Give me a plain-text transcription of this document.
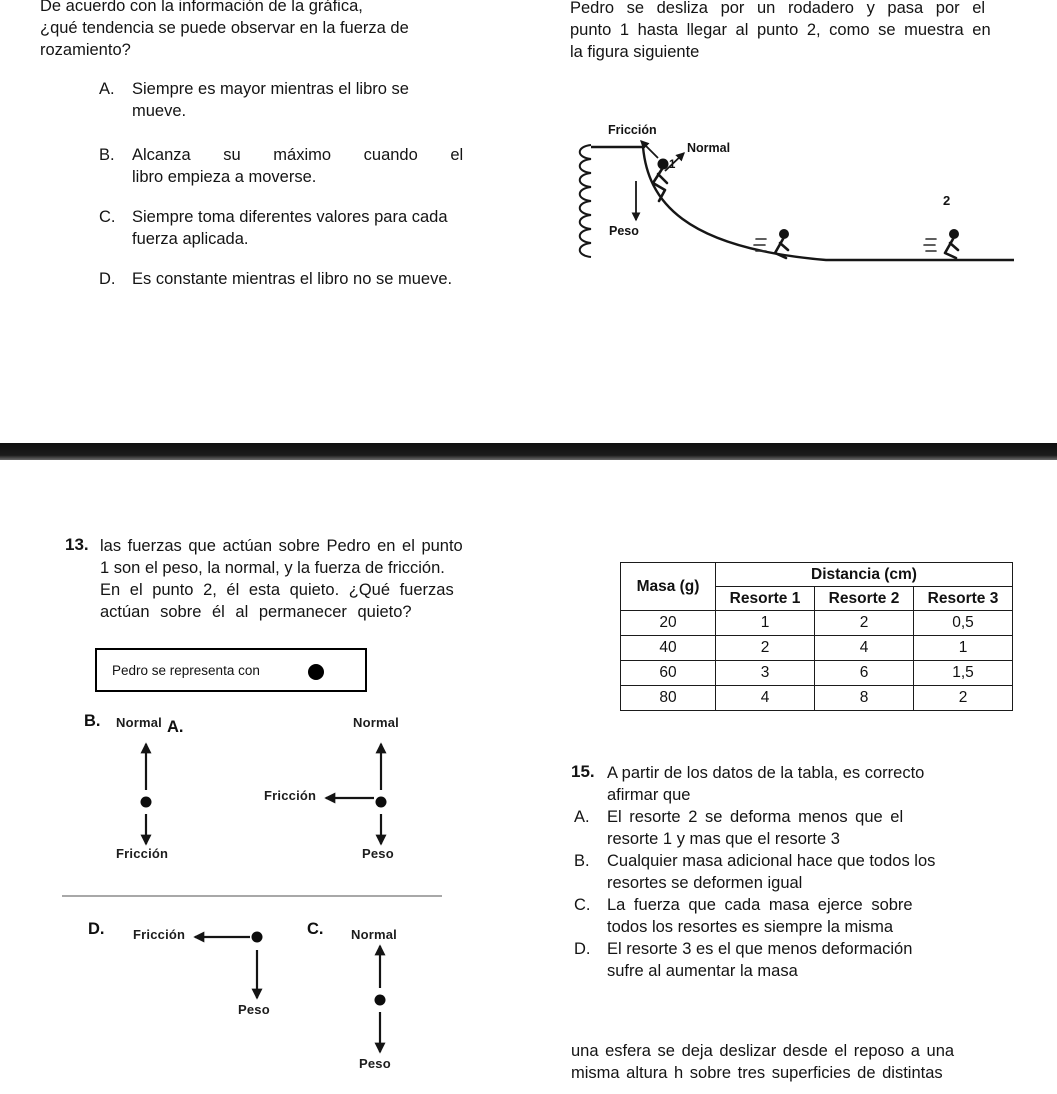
De acuerdo con la información de la gráfica,
¿qué tendencia se puede observar en la fuerza de
rozamiento?
A. Siempre es mayor mientras el libro se
mueve.
B. Alcanza su máximo cuando el
libro empieza a moverse.
C. Siempre toma diferentes valores para cada
fuerza aplicada.
D. Es constante mientras el libro no se mueve.
Pedro se desliza por un rodadero y pasa por el
punto 1 hasta llegar al punto 2, como se muestra en
la figura siguiente
Fricción
Normal
Peso
1
2
13. las fuerzas que actúan sobre Pedro en el punto
1 son el peso, la normal, y la fuerza de fricción.
En el punto 2, él esta quieto. ¿Qué fuerzas
actúan sobre él al permanecer quieto?
Pedro se representa con
B. Normal
Fricción
A.	Normal
Fricción
Peso
D. Fricción
Peso
C. Normal
Peso
Masa (g)	Distancia (cm)		
	Resorte 1	Resorte 2	Resorte 3
20	1	2	0,5
40	2	4	1
60	3	6	1,5
80	4	8	2
15. A partir de los datos de la tabla, es correcto
afirmar que
A. El resorte 2 se deforma menos que el
resorte 1 y mas que el resorte 3
B. Cualquier masa adicional hace que todos los
resortes se deformen igual
C. La fuerza que cada masa ejerce sobre
todos los resortes es siempre la misma
D. El resorte 3 es el que menos deformación
sufre al aumentar la masa
una esfera se deja deslizar desde el reposo a una
misma altura h sobre tres superficies de distintas
